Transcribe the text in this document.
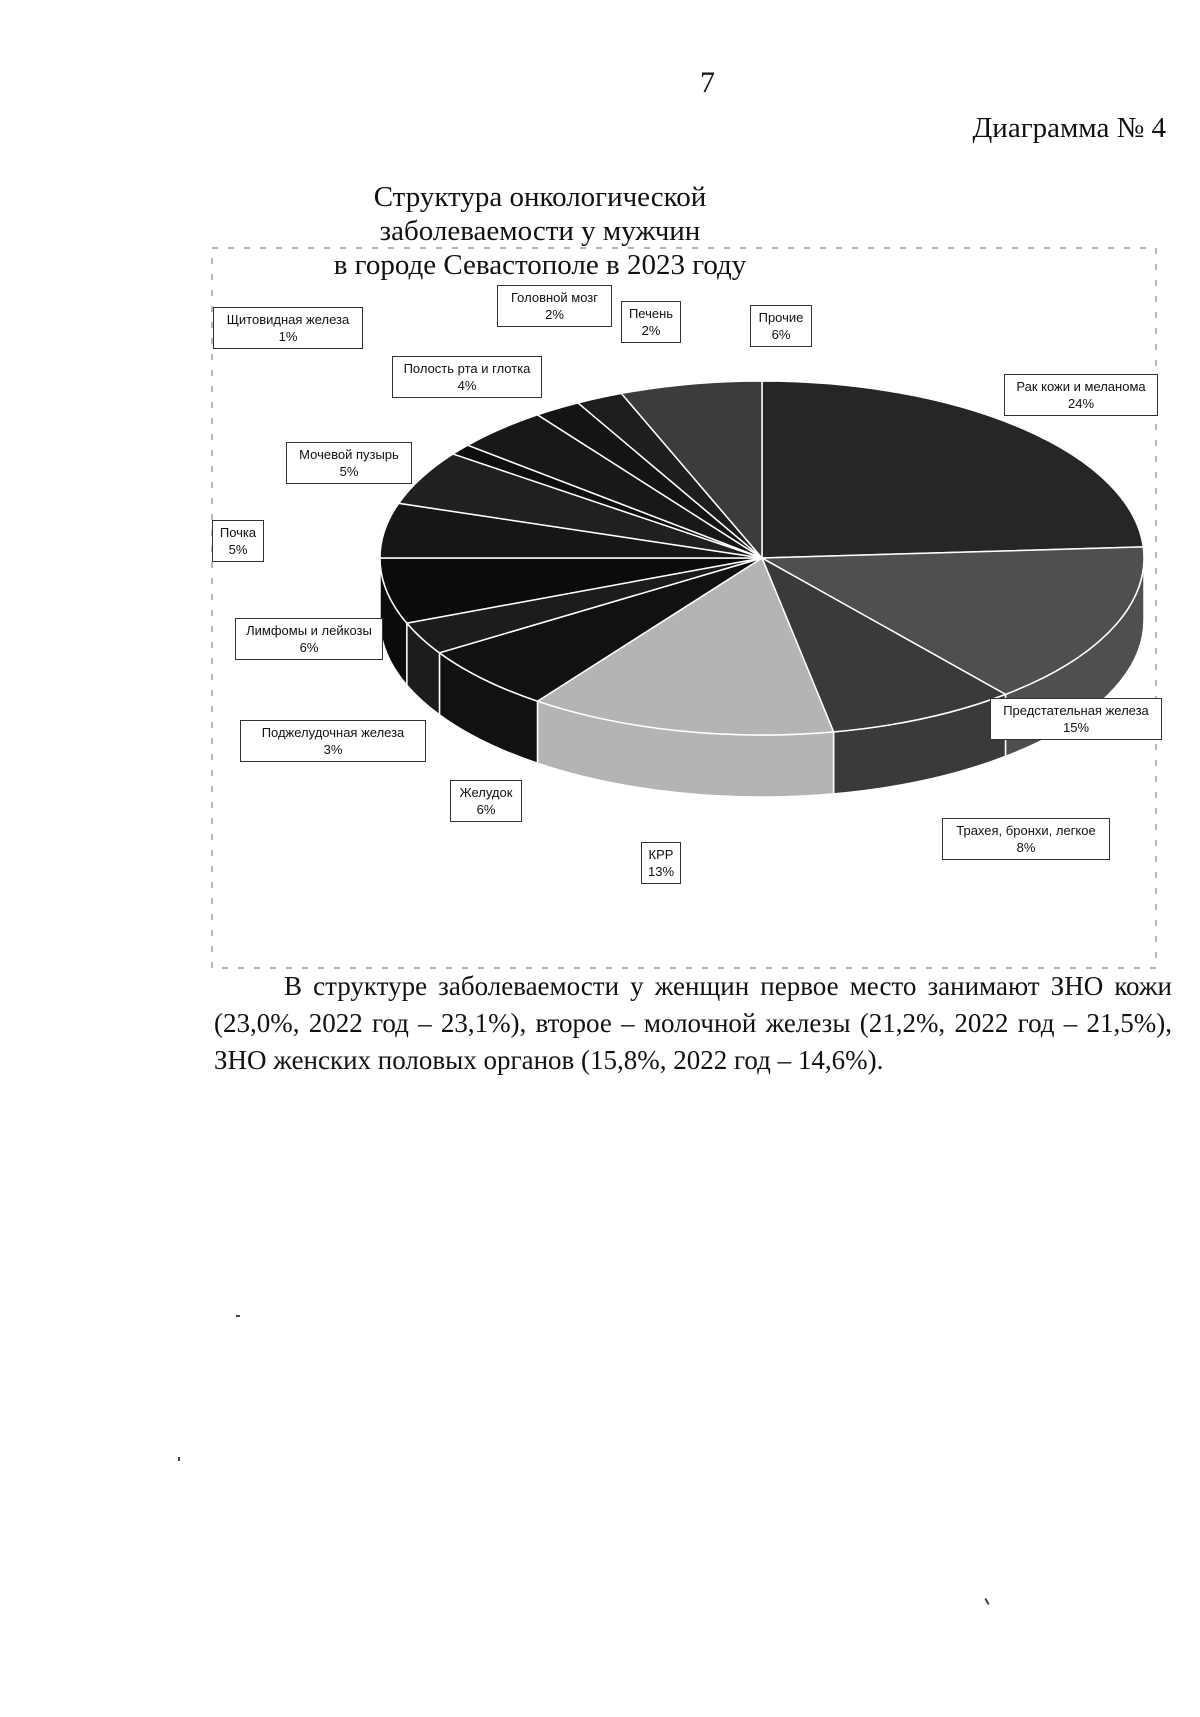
7
Диаграмма № 4
Структура онкологической заболеваемости у мужчин
в городе Севастополе в 2023 году
Рак кожи и меланома
24%
Предстательная железа
15%
Трахея, бронхи, легкое
8%
КРР
13%
Желудок
6%
Поджелудочная железа
3%
Лимфомы и лейкозы
6%
Почка
5%
Мочевой пузырь
5%
Щитовидная железа
1%
Полость рта и глотка
4%
Головной мозг
2%	Печень
2%
Прочие
6%
В структуре заболеваемости у женщин первое место занимают ЗНО кожи (23,0%, 2022 год – 23,1%), второе – молочной железы (21,2%, 2022 год – 21,5%), ЗНО женских половых органов (15,8%, 2022 год – 14,6%).
